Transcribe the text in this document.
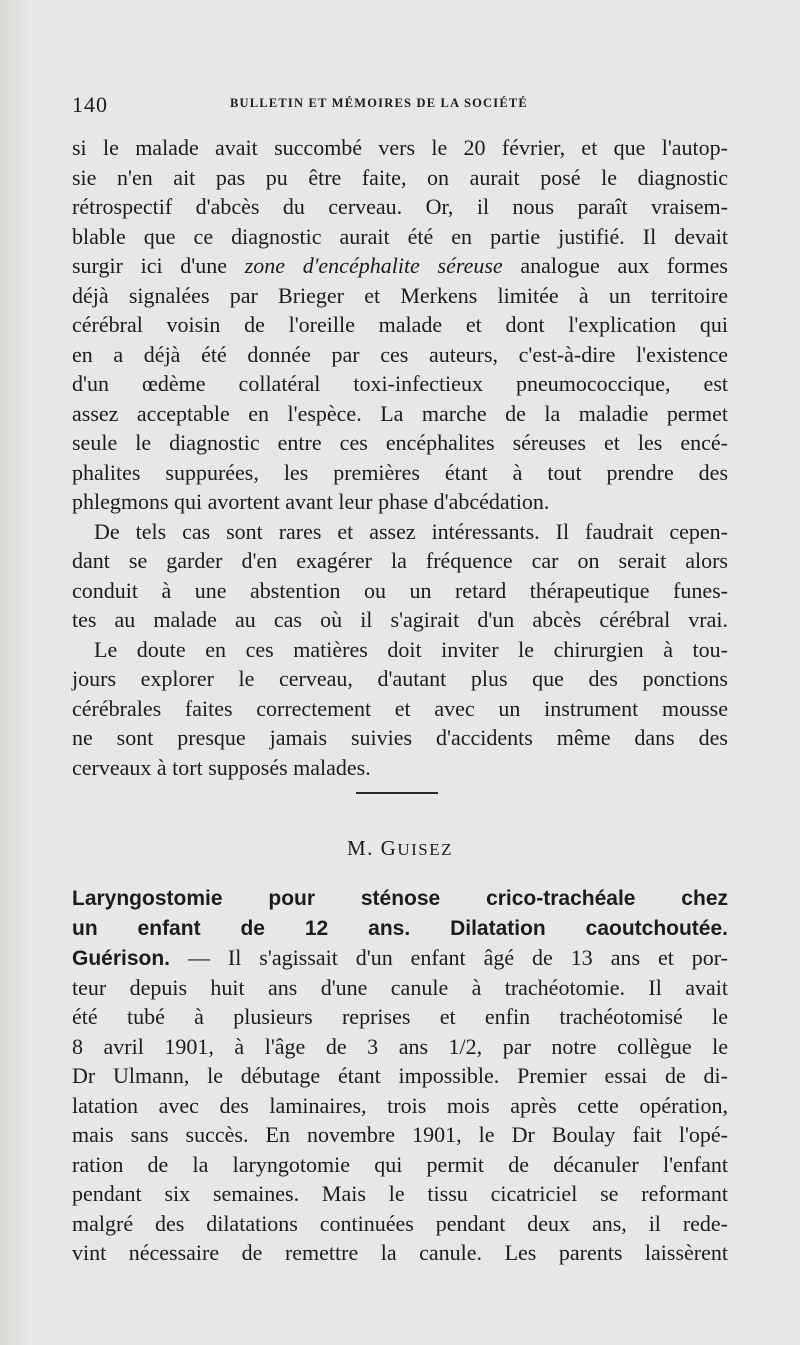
140	BULLETIN ET MÉMOIRES DE LA SOCIÉTÉ
si le malade avait succombé vers le 20 février, et que l'autop-
sie n'en ait pas pu être faite, on aurait posé le diagnostic
rétrospectif d'abcès du cerveau. Or, il nous paraît vraisem-
blable que ce diagnostic aurait été en partie justifié. Il devait
surgir ici d'une zone d'encéphalite séreuse analogue aux formes
déjà signalées par Brieger et Merkens limitée à un territoire
cérébral voisin de l'oreille malade et dont l'explication qui
en a déjà été donnée par ces auteurs, c'est-à-dire l'existence
d'un œdème collatéral toxi-infectieux pneumococcique, est
assez acceptable en l'espèce. La marche de la maladie permet
seule le diagnostic entre ces encéphalites séreuses et les encé-
phalites suppurées, les premières étant à tout prendre des
phlegmons qui avortent avant leur phase d'abcédation.
De tels cas sont rares et assez intéressants. Il faudrait cepen-
dant se garder d'en exagérer la fréquence car on serait alors
conduit à une abstention ou un retard thérapeutique funes-
tes au malade au cas où il s'agirait d'un abcès cérébral vrai.
Le doute en ces matières doit inviter le chirurgien à tou-
jours explorer le cerveau, d'autant plus que des ponctions
cérébrales faites correctement et avec un instrument mousse
ne sont presque jamais suivies d'accidents même dans des
cerveaux à tort supposés malades.
M. GUISEZ
Laryngostomie pour sténose crico-trachéale chez
un enfant de 12 ans. Dilatation caoutchoutée.
Guérison. — Il s'agissait d'un enfant âgé de 13 ans et por-
teur depuis huit ans d'une canule à trachéotomie. Il avait
été tubé à plusieurs reprises et enfin trachéotomisé le
8 avril 1901, à l'âge de 3 ans 1/2, par notre collègue le
Dr Ulmann, le débutage étant impossible. Premier essai de di-
latation avec des laminaires, trois mois après cette opération,
mais sans succès. En novembre 1901, le Dr Boulay fait l'opé-
ration de la laryngotomie qui permit de décanuler l'enfant
pendant six semaines. Mais le tissu cicatriciel se reformant
malgré des dilatations continuées pendant deux ans, il rede-
vint nécessaire de remettre la canule. Les parents laissèrent
